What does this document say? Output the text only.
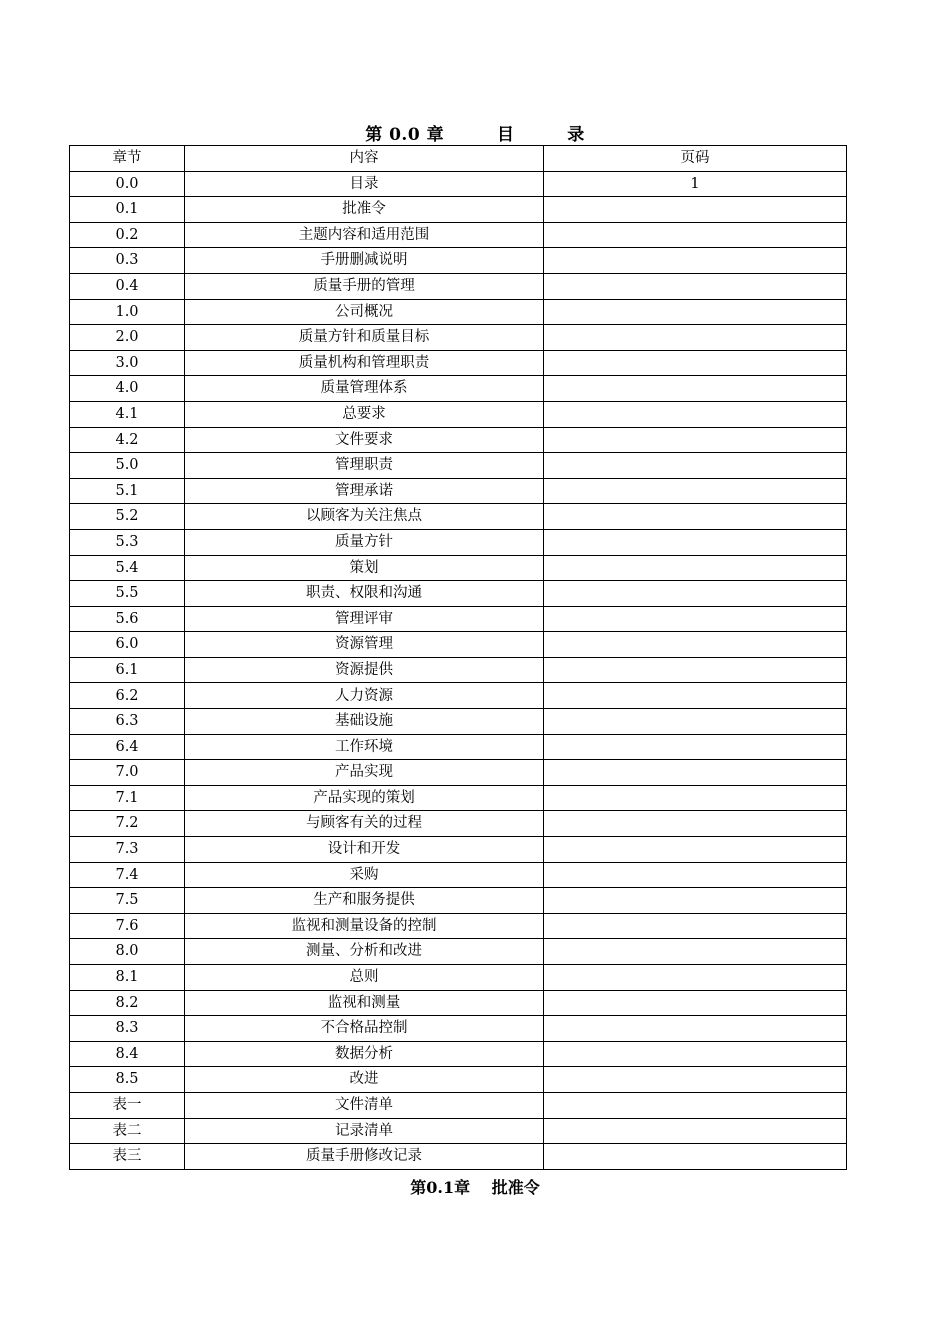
第 0.0 章	目	录
章节	内容	页码
0.0	目录	1
0.1	批准令	
0.2	主题内容和适用范围	
0.3	手册删减说明	
0.4	质量手册的管理	
1.0	公司概况	
2.0	质量方针和质量目标	
3.0	质量机构和管理职责	
4.0	质量管理体系	
4.1	总要求	
4.2	文件要求	
5.0	管理职责	
5.1	管理承诺	
5.2	以顾客为关注焦点	
5.3	质量方针	
5.4	策划	
5.5	职责、权限和沟通	
5.6	管理评审	
6.0	资源管理	
6.1	资源提供	
6.2	人力资源	
6.3	基础设施	
6.4	工作环境	
7.0	产品实现	
7.1	产品实现的策划	
7.2	与顾客有关的过程	
7.3	设计和开发	
7.4	采购	
7.5	生产和服务提供	
7.6	监视和测量设备的控制	
8.0	测量、分析和改进	
8.1	总则	
8.2	监视和测量	
8.3	不合格品控制	
8.4	数据分析	
8.5	改进	
表一	文件清单	
表二	记录清单	
表三	质量手册修改记录	
第0.1章　 批准令
